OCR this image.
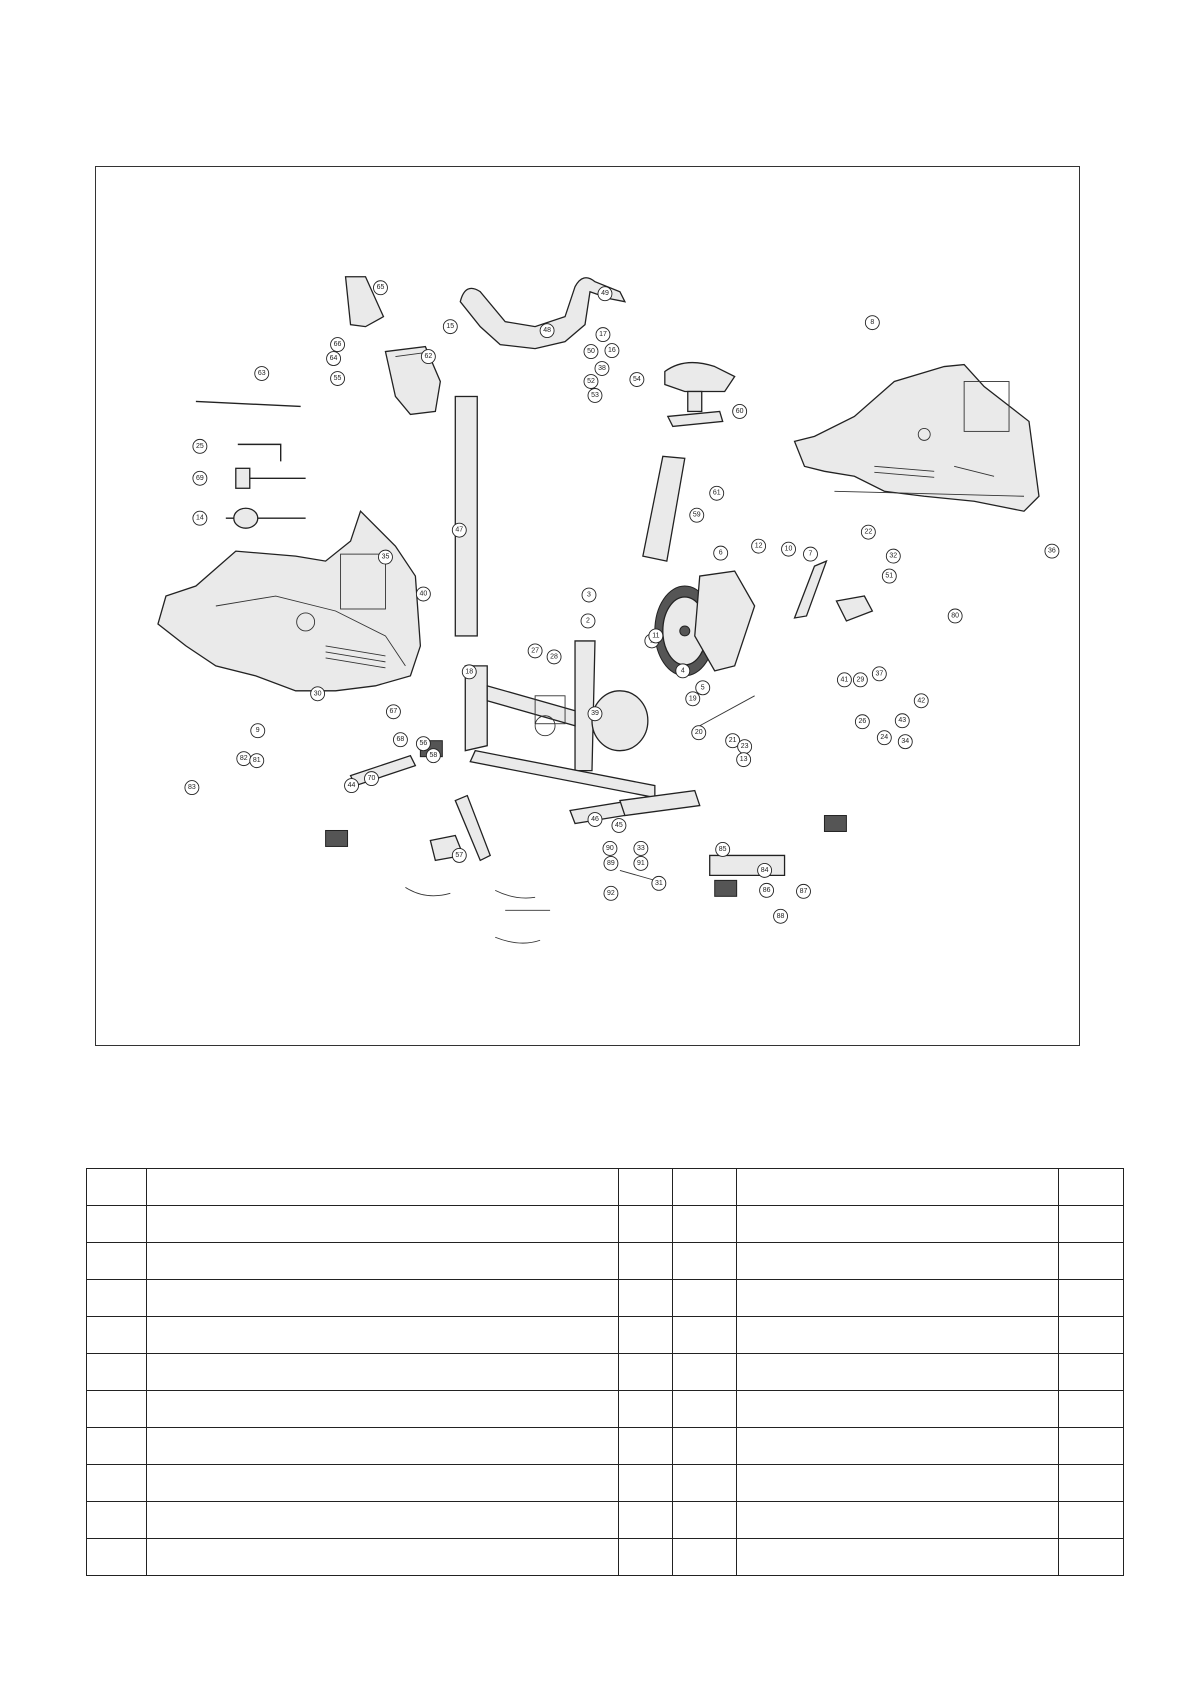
65
66
64
55
15
49
48
17
50 16
38
63
52
53
54
62
60
61
59
8
36
25
69
14
47
35
40
30
9
6
12	10
7
4
22
32
51
80
2
3
5
11
18
27
28
39
19
20
21
23
13
37
42
29
41
26	43
24
34
44
56
58
67
68
46
45
90
91
89
92
33
31
84
86
85
87
88
82 81
83
57
70
